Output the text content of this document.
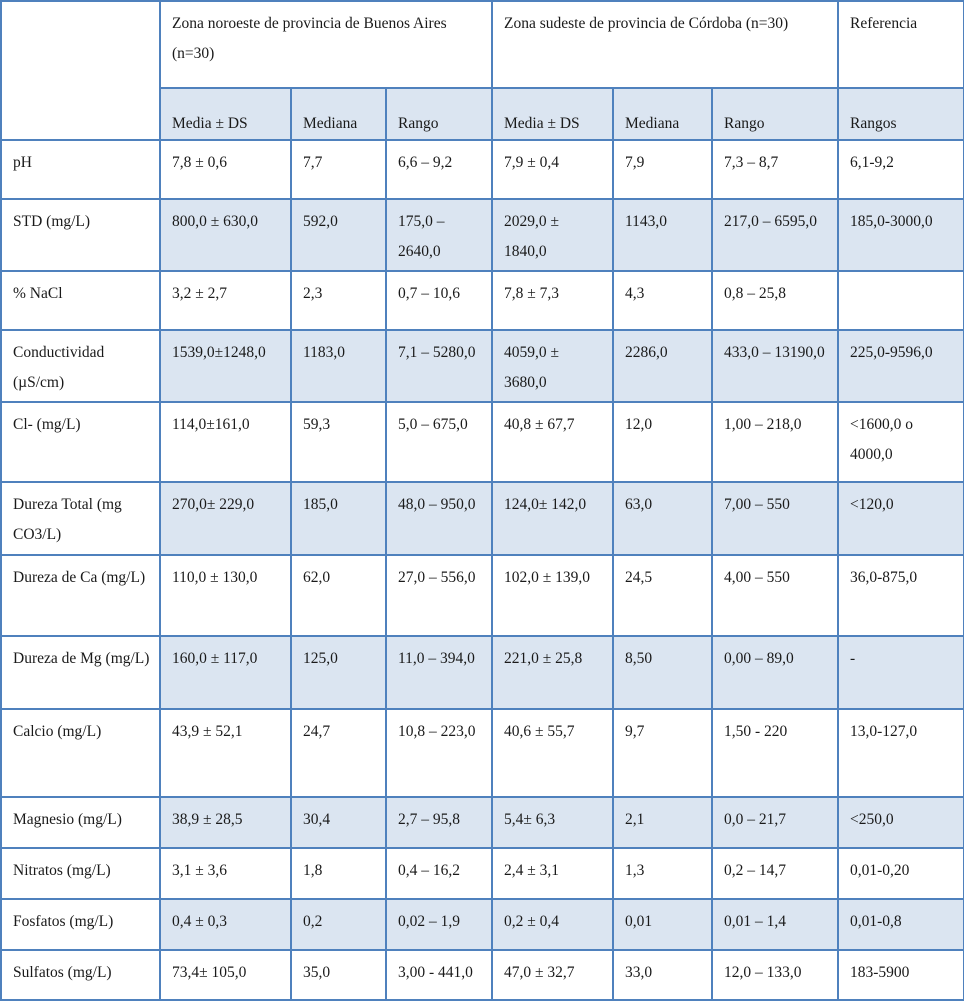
	Zona noroeste de provincia de Buenos Aires (n=30)			Zona sudeste de provincia de Córdoba (n=30)			Referencia
	Media ± DS	Mediana	Rango	Media ± DS	Mediana	Rango	Rangos
pH	7,8 ± 0,6	7,7	6,6 – 9,2	7,9 ± 0,4	7,9	7,3 – 8,7	6,1-9,2
STD (mg/L)	800,0 ± 630,0	592,0	175,0 – 2640,0	2029,0 ± 1840,0	1143,0	217,0 – 6595,0	185,0-3000,0
% NaCl	3,2 ± 2,7	2,3	0,7 – 10,6	7,8 ± 7,3	4,3	0,8 – 25,8	
Conductividad (µS/cm)	1539,0±1248,0	1183,0	7,1 – 5280,0	4059,0 ± 3680,0	2286,0	433,0 – 13190,0	225,0-9596,0
Cl- (mg/L)	114,0±161,0	59,3	5,0 – 675,0	40,8 ± 67,7	12,0	1,00 – 218,0	<1600,0 o 4000,0
Dureza Total (mg CO3/L)	270,0± 229,0	185,0	48,0 – 950,0	124,0± 142,0	63,0	7,00 – 550	<120,0
Dureza de Ca (mg/L)	110,0 ± 130,0	62,0	27,0 – 556,0	102,0 ± 139,0	24,5	4,00 – 550	36,0-875,0
Dureza de Mg (mg/L)	160,0 ± 117,0	125,0	11,0 – 394,0	221,0 ± 25,8	8,50	0,00 – 89,0	-
Calcio (mg/L)	43,9 ± 52,1	24,7	10,8 – 223,0	40,6 ± 55,7	9,7	1,50 - 220	13,0-127,0
Magnesio (mg/L)	38,9 ± 28,5	30,4	2,7 – 95,8	5,4± 6,3	2,1	0,0 – 21,7	<250,0
Nitratos (mg/L)	3,1 ± 3,6	1,8	0,4 – 16,2	2,4 ± 3,1	1,3	0,2 – 14,7	0,01-0,20
Fosfatos (mg/L)	0,4 ± 0,3	0,2	0,02 – 1,9	0,2 ± 0,4	0,01	0,01 – 1,4	0,01-0,8
Sulfatos (mg/L)	73,4± 105,0	35,0	3,00 - 441,0	47,0 ± 32,7	33,0	12,0 – 133,0	183-5900
